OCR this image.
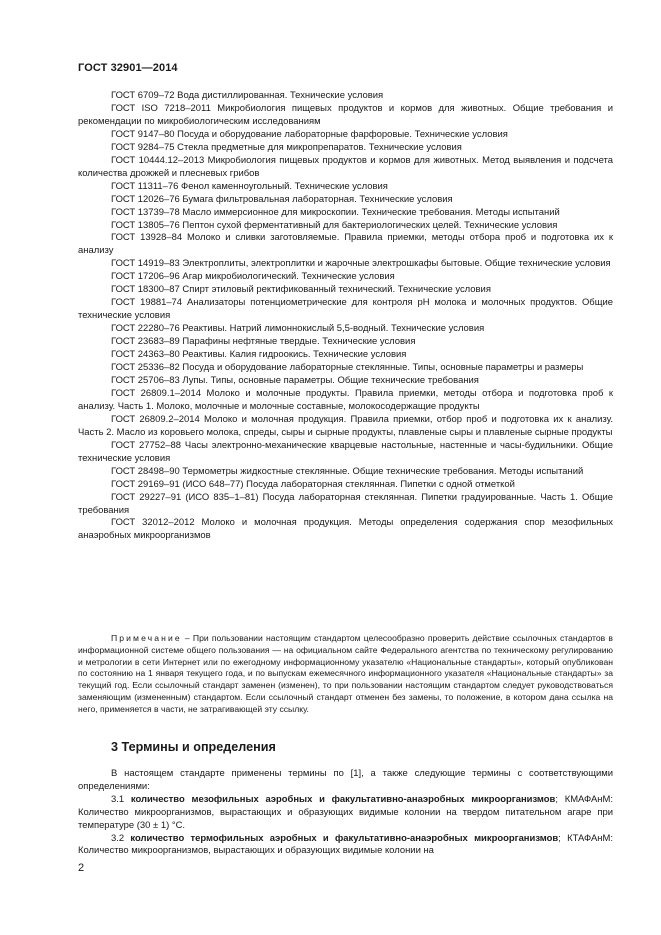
ГОСТ 32901—2014

ГОСТ 6709–72 Вода дистиллированная. Технические условия

ГОСТ ISO 7218–2011 Микробиология пищевых продуктов и кормов для животных. Общие требования и рекомендации по микробиологическим исследованиям

ГОСТ 9147–80 Посуда и оборудование лабораторные фарфоровые. Технические условия

ГОСТ 9284–75 Стекла предметные для микропрепаратов. Технические условия

ГОСТ 10444.12–2013 Микробиология пищевых продуктов и кормов для животных. Метод выявления и подсчета количества дрожжей и плесневых грибов

ГОСТ 11311–76 Фенол каменноугольный. Технические условия

ГОСТ 12026–76 Бумага фильтровальная лабораторная. Технические условия

ГОСТ 13739–78 Масло иммерсионное для микроскопии. Технические требования. Методы испытаний

ГОСТ 13805–76 Пептон сухой ферментативный для бактериологических целей. Технические условия

ГОСТ 13928–84 Молоко и сливки заготовляемые. Правила приемки, методы отбора проб и подготовка их к анализу

ГОСТ 14919–83 Электроплиты, электроплитки и жарочные электрошкафы бытовые. Общие технические условия

ГОСТ 17206–96 Агар микробиологический. Технические условия

ГОСТ 18300–87 Спирт этиловый ректификованный технический. Технические условия

ГОСТ 19881–74 Анализаторы потенциометрические для контроля pH молока и молочных продуктов. Общие технические условия

ГОСТ 22280–76 Реактивы. Натрий лимоннокислый 5,5-водный. Технические условия

ГОСТ 23683–89 Парафины нефтяные твердые. Технические условия

ГОСТ 24363–80 Реактивы. Калия гидроокись. Технические условия

ГОСТ 25336–82 Посуда и оборудование лабораторные стеклянные. Типы, основные параметры и размеры

ГОСТ 25706–83 Лупы. Типы, основные параметры. Общие технические требования

ГОСТ 26809.1–2014 Молоко и молочные продукты. Правила приемки, методы отбора и подготовка проб к анализу. Часть 1. Молоко, молочные и молочные составные, молокосодержащие продукты

ГОСТ 26809.2–2014 Молоко и молочная продукция. Правила приемки, отбор проб и подготовка их к анализу. Часть 2. Масло из коровьего молока, спреды, сыры и сырные продукты, плавленые сыры и плавленые сырные продукты

ГОСТ 27752–88 Часы электронно-механические кварцевые настольные, настенные и часы-будильники. Общие технические условия

ГОСТ 28498–90 Термометры жидкостные стеклянные. Общие технические требования. Методы испытаний

ГОСТ 29169–91 (ИСО 648–77) Посуда лабораторная стеклянная. Пипетки с одной отметкой

ГОСТ 29227–91 (ИСО 835–1–81) Посуда лабораторная стеклянная. Пипетки градуированные. Часть 1. Общие требования

ГОСТ 32012–2012 Молоко и молочная продукция. Методы определения содержания спор мезофильных анаэробных микроорганизмов

Примечание – При пользовании настоящим стандартом целесообразно проверить действие ссылочных стандартов в информационной системе общего пользования — на официальном сайте Федерального агентства по техническому регулированию и метрологии в сети Интернет или по ежегодному информационному указателю «Национальные стандарты», который опубликован по состоянию на 1 января текущего года, и по выпускам ежемесячного информационного указателя «Национальные стандарты» за текущий год. Если ссылочный стандарт заменен (изменен), то при пользовании настоящим стандартом следует руководствоваться заменяющим (измененным) стандартом. Если ссылочный стандарт отменен без замены, то положение, в котором дана ссылка на него, применяется в части, не затрагивающей эту ссылку.

3 Термины и определения

В настоящем стандарте применены термины по [1], а также следующие термины с соответствующими определениями:

3.1 количество мезофильных аэробных и факультативно-анаэробных микроорганизмов; КМАФАнМ: Количество микроорганизмов, вырастающих и образующих видимые колонии на твердом питательном агаре при температуре (30 ± 1) °С.

3.2 количество термофильных аэробных и факультативно-анаэробных микроорганизмов; КТАФАнМ: Количество микроорганизмов, вырастающих и образующих видимые колонии на

2
